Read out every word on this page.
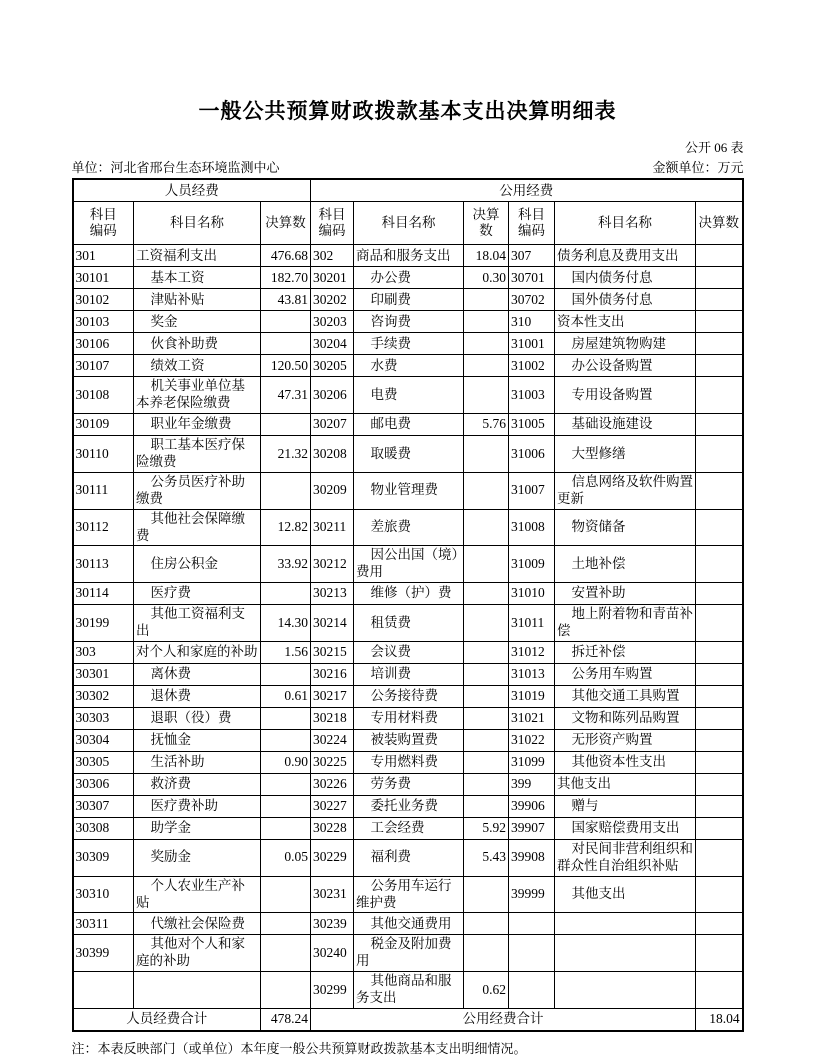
一般公共预算财政拨款基本支出决算明细表
公开 06 表
单位：河北省邢台生态环境监测中心	金额单位：万元
人员经费			公用经费					
科目编码	科目名称	决算数	科目编码	科目名称	决算数	科目编码	科目名称	决算数
301	工资福利支出	476.68	302	商品和服务支出	18.04	307	债务利息及费用支出	
30101	基本工资	182.70	30201	办公费	0.30	30701	国内债务付息	
30102	津贴补贴	43.81	30202	印刷费		30702	国外债务付息	
30103	奖金		30203	咨询费		310	资本性支出	
30106	伙食补助费		30204	手续费		31001	房屋建筑物购建	
30107	绩效工资	120.50	30205	水费		31002	办公设备购置	
30108	机关事业单位基本养老保险缴费	47.31	30206	电费		31003	专用设备购置	
30109	职业年金缴费		30207	邮电费	5.76	31005	基础设施建设	
30110	职工基本医疗保险缴费	21.32	30208	取暖费		31006	大型修缮	
30111	公务员医疗补助缴费		30209	物业管理费		31007	信息网络及软件购置更新	
30112	其他社会保障缴费	12.82	30211	差旅费		31008	物资储备	
30113	住房公积金	33.92	30212	因公出国（境）费用		31009	土地补偿	
30114	医疗费		30213	维修（护）费		31010	安置补助	
30199	其他工资福利支出	14.30	30214	租赁费		31011	地上附着物和青苗补偿	
303	对个人和家庭的补助	1.56	30215	会议费		31012	拆迁补偿	
30301	离休费		30216	培训费		31013	公务用车购置	
30302	退休费	0.61	30217	公务接待费		31019	其他交通工具购置	
30303	退职（役）费		30218	专用材料费		31021	文物和陈列品购置	
30304	抚恤金		30224	被装购置费		31022	无形资产购置	
30305	生活补助	0.90	30225	专用燃料费		31099	其他资本性支出	
30306	救济费		30226	劳务费		399	其他支出	
30307	医疗费补助		30227	委托业务费		39906	赠与	
30308	助学金		30228	工会经费	5.92	39907	国家赔偿费用支出	
30309	奖励金	0.05	30229	福利费	5.43	39908	对民间非营利组织和群众性自治组织补贴	
30310	个人农业生产补贴		30231	公务用车运行维护费		39999	其他支出	
30311	代缴社会保险费		30239	其他交通费用				
30399	其他对个人和家庭的补助		30240	税金及附加费用				
			30299	其他商品和服务支出	0.62			
人员经费合计		478.24	公用经费合计					18.04
注：本表反映部门（或单位）本年度一般公共预算财政拨款基本支出明细情况。
